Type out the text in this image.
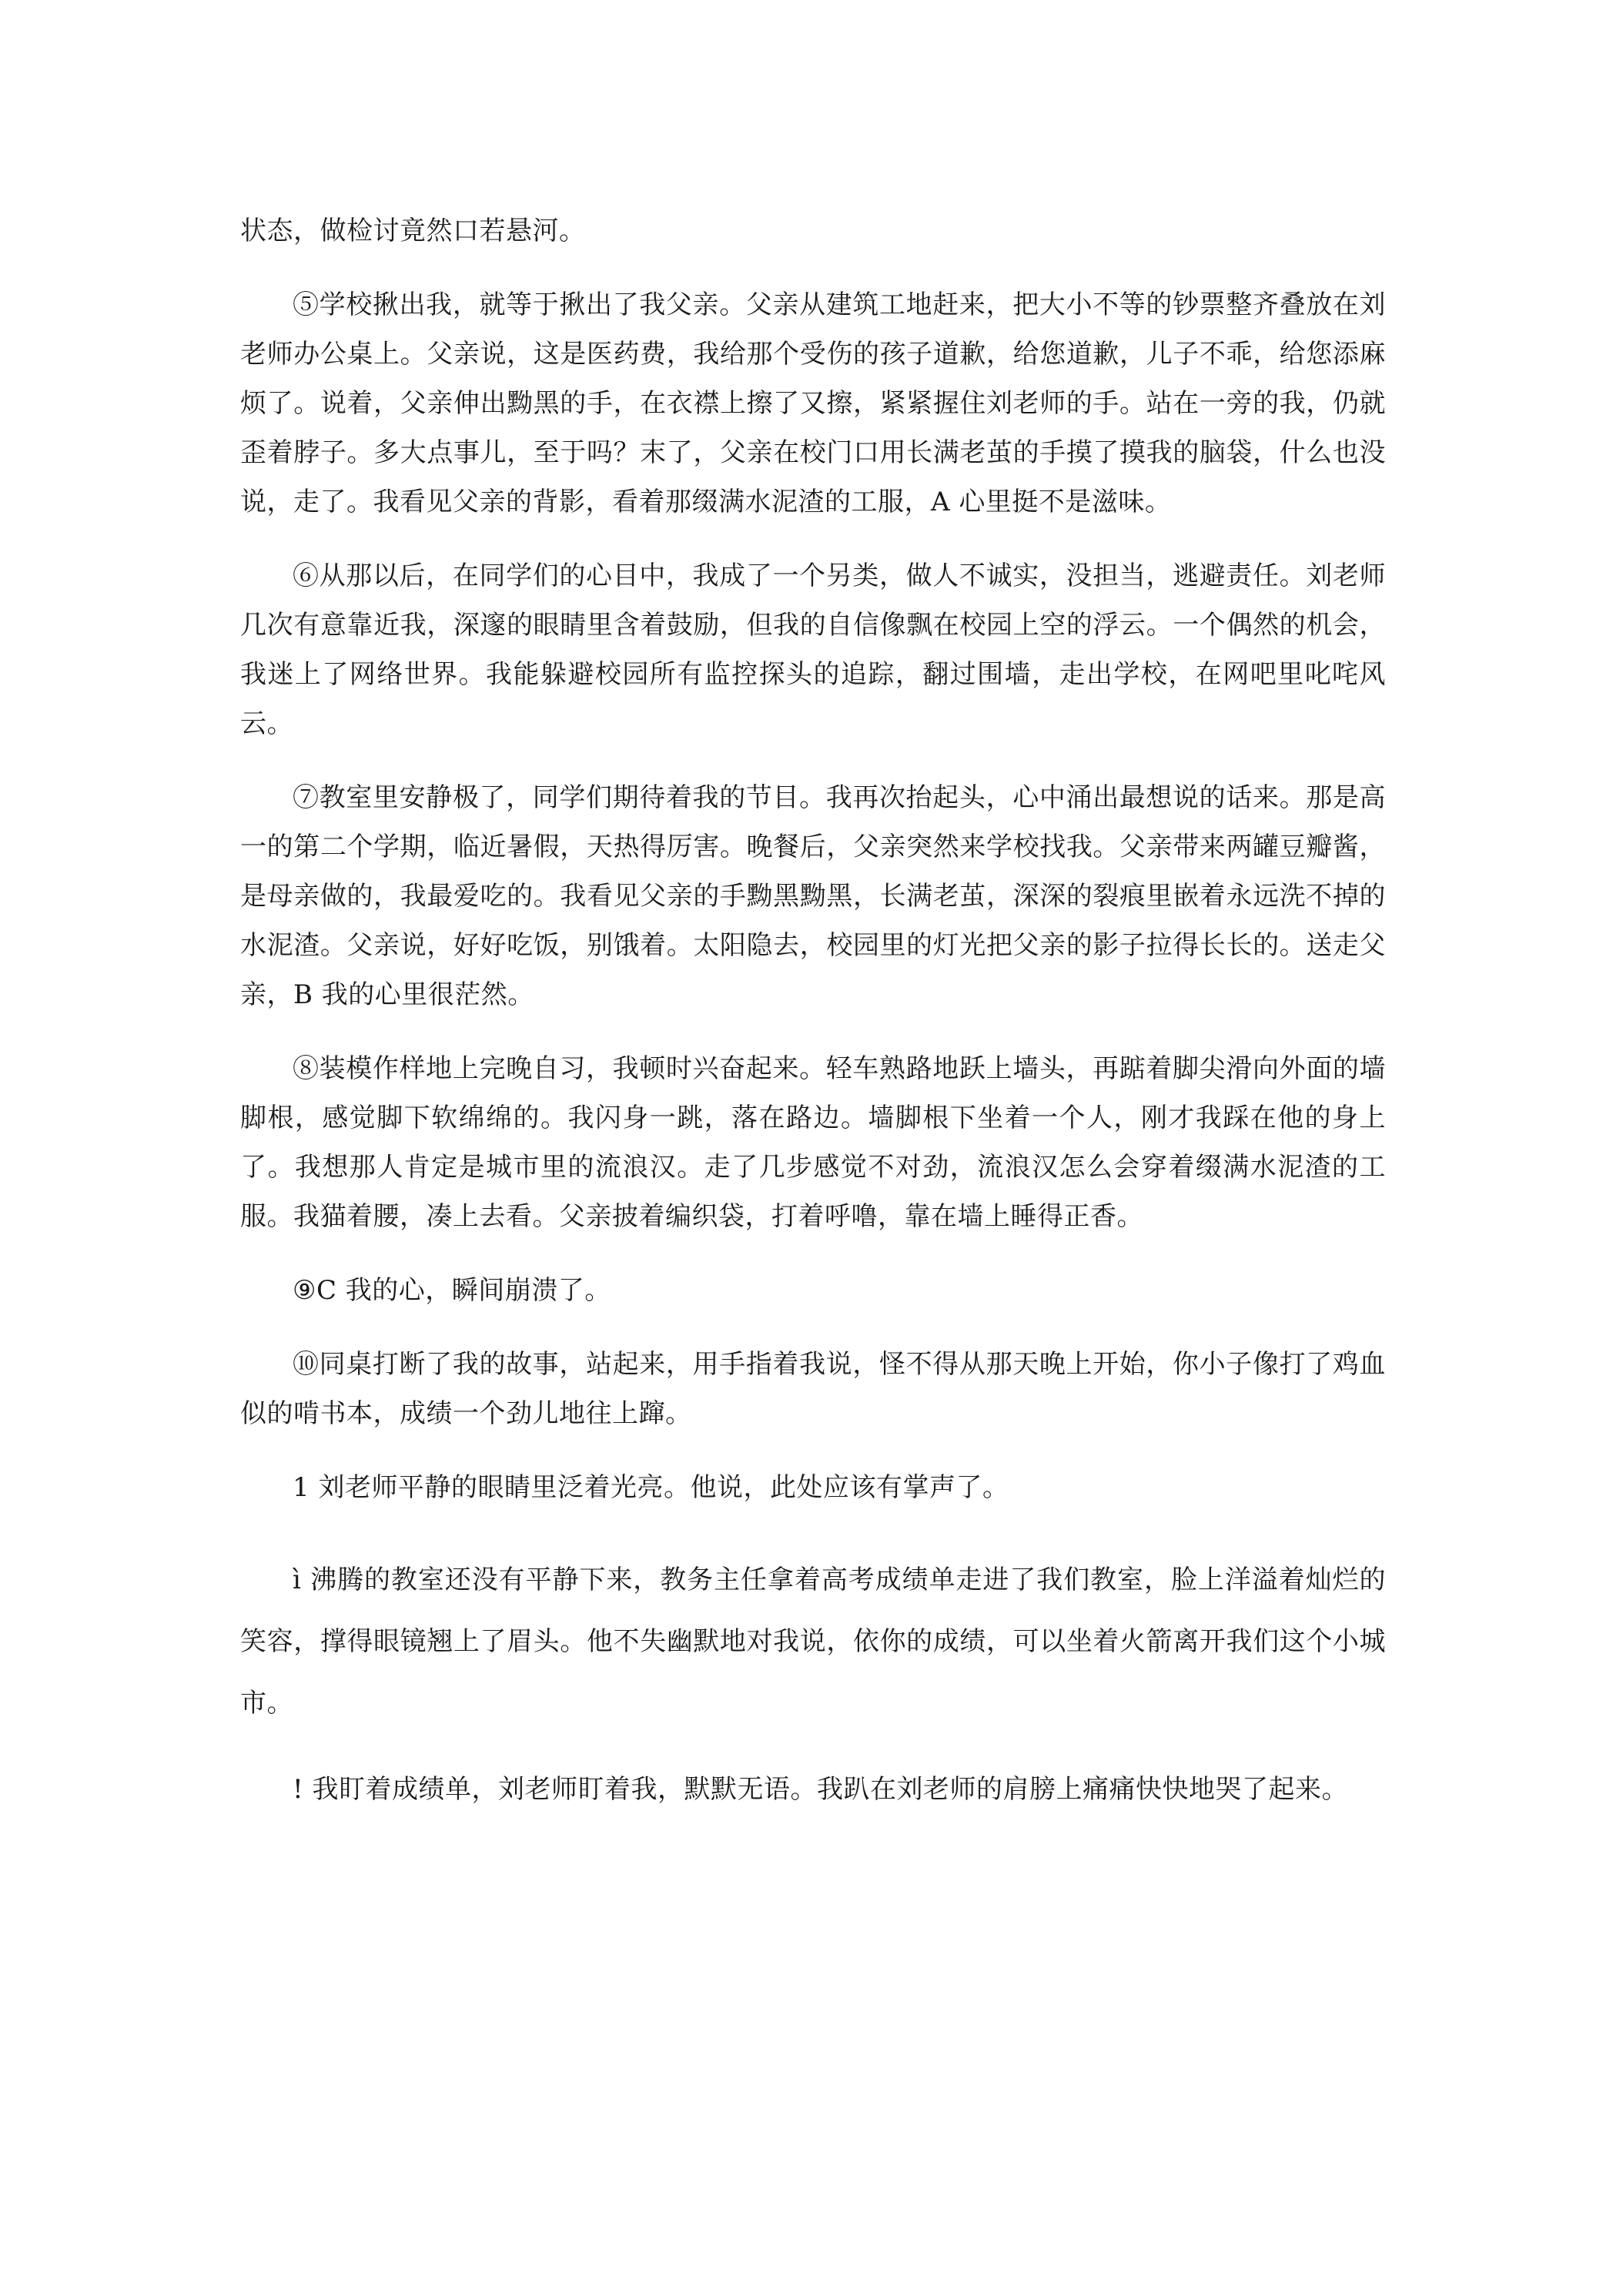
状态，做检讨竟然口若悬河。

⑤学校揪出我，就等于揪出了我父亲。父亲从建筑工地赶来，把大小不等的钞票整齐叠放在刘老师办公桌上。父亲说，这是医药费，我给那个受伤的孩子道歉，给您道歉，儿子不乖，给您添麻烦了。说着，父亲伸出黝黑的手，在衣襟上擦了又擦，紧紧握住刘老师的手。站在一旁的我，仍就歪着脖子。多大点事儿，至于吗？末了，父亲在校门口用长满老茧的手摸了摸我的脑袋，什么也没说，走了。我看见父亲的背影，看着那缀满水泥渣的工服，A 心里挺不是滋味。

⑥从那以后，在同学们的心目中，我成了一个另类，做人不诚实，没担当，逃避责任。刘老师几次有意靠近我，深邃的眼睛里含着鼓励，但我的自信像飘在校园上空的浮云。一个偶然的机会，我迷上了网络世界。我能躲避校园所有监控探头的追踪，翻过围墙，走出学校，在网吧里叱咤风云。

⑦教室里安静极了，同学们期待着我的节目。我再次抬起头，心中涌出最想说的话来。那是高一的第二个学期，临近暑假，天热得厉害。晚餐后，父亲突然来学校找我。父亲带来两罐豆瓣酱，是母亲做的，我最爱吃的。我看见父亲的手黝黑黝黑，长满老茧，深深的裂痕里嵌着永远洗不掉的水泥渣。父亲说，好好吃饭，别饿着。太阳隐去，校园里的灯光把父亲的影子拉得长长的。送走父亲，B 我的心里很茫然。

⑧装模作样地上完晚自习，我顿时兴奋起来。轻车熟路地跃上墙头，再踮着脚尖滑向外面的墙脚根，感觉脚下软绵绵的。我闪身一跳，落在路边。墙脚根下坐着一个人，刚才我踩在他的身上了。我想那人肯定是城市里的流浪汉。走了几步感觉不对劲，流浪汉怎么会穿着缀满水泥渣的工服。我猫着腰，凑上去看。父亲披着编织袋，打着呼噜，靠在墙上睡得正香。

⑨C 我的心，瞬间崩溃了。

⑩同桌打断了我的故事，站起来，用手指着我说，怪不得从那天晚上开始，你小子像打了鸡血似的啃书本，成绩一个劲儿地往上蹿。

1 刘老师平静的眼睛里泛着光亮。他说，此处应该有掌声了。

ì 沸腾的教室还没有平静下来，教务主任拿着高考成绩单走进了我们教室，脸上洋溢着灿烂的笑容，撑得眼镜翘上了眉头。他不失幽默地对我说，依你的成绩，可以坐着火箭离开我们这个小城市。

! 我盯着成绩单，刘老师盯着我，默默无语。我趴在刘老师的肩膀上痛痛快快地哭了起来。
